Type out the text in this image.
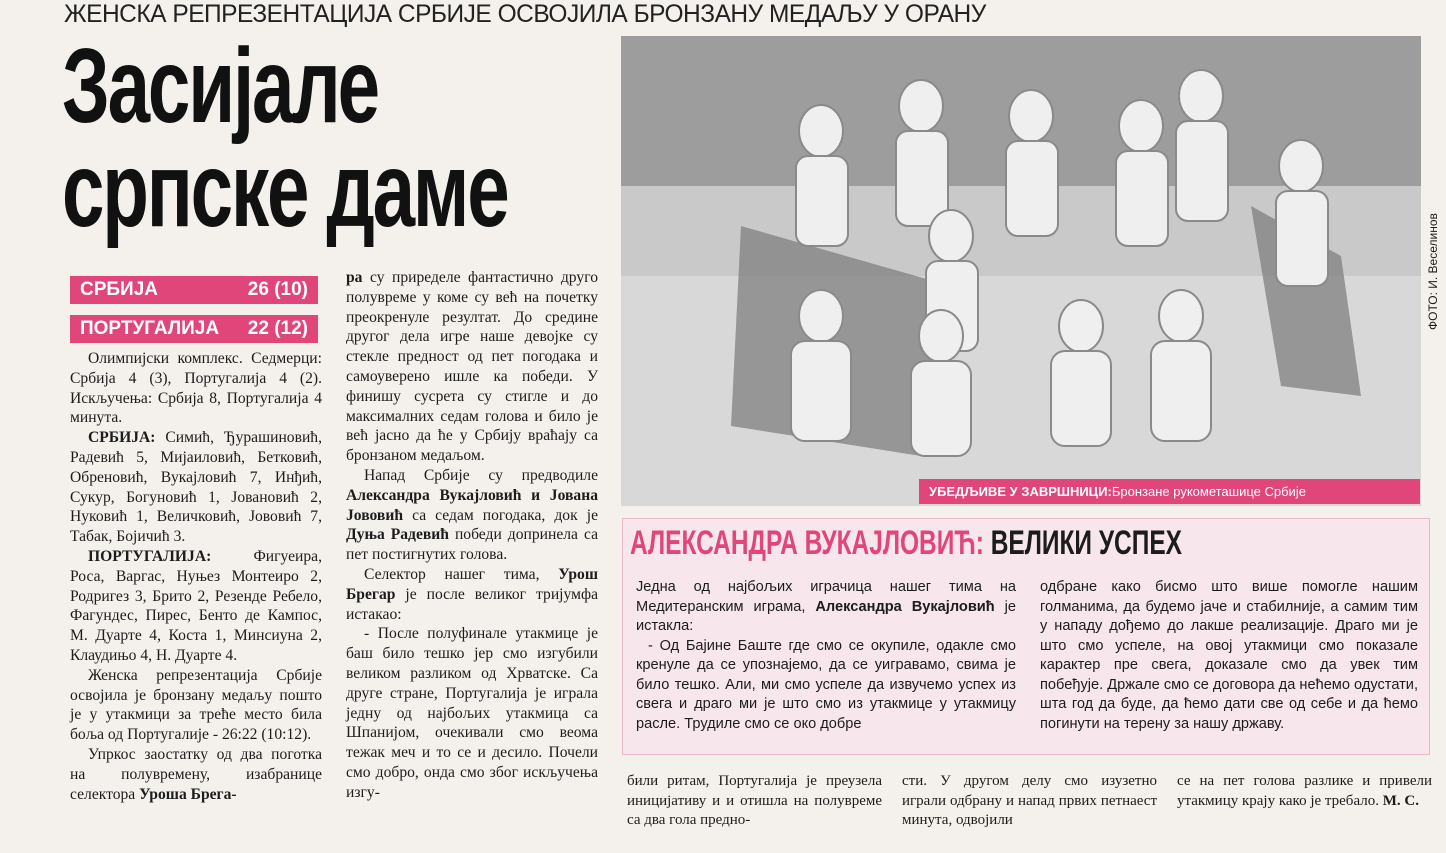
ЖЕНСКА РЕПРЕЗЕНТАЦИЈА СРБИЈЕ ОСВОЈИЛА БРОНЗАНУ МЕДАЉУ У ОРАНУ
Засијале
српске даме
СРБИЈА	26 (10)
ПОРТУГАЛИЈА 22 (12)

Олимпијски комплекс. Седмерци: Србија 4 (3), Португалија 4 (2). Искључења: Србија 8, Португалија 4 минута.

СРБИЈА: Симић, Ђурашиновић, Радевић 5, Мијаиловић, Бетковић, Обреновић, Вукајловић 7, Инђић, Сукур, Богуновић 1, Јовановић 2, Нуковић 1, Величковић, Јововић 7, Табак, Бојичић 3.

ПОРТУГАЛИЈА: Фигуеира, Роса, Варгас, Нуњез Монтеиро 2, Родригез 3, Брито 2, Резенде Ребело, Фагундес, Пирес, Бенто де Кампос, М. Дуарте 4, Коста 1, Минсиуна 2, Клаудињо 4, Н. Дуарте 4.

Женска репрезентација Србије освојила је бронзану медаљу пошто је у утакмици за треће место била боља од Португалије - 26:22 (10:12).

Упркос заостатку од два поготка на полувремену, изабранице селектора Уроша Брега-

ра су приределе фантастично друго полувреме у коме су већ на почетку преокренуле резултат. До средине другог дела игре наше девојке су стекле предност од пет погодака и самоуверено ишле ка победи. У финишу сусрета су стигле и до максималних седам голова и било је већ јасно да ће у Србију враћају са бронзаном медаљом.

Напад Србије су предводиле Александра Вукајловић и Јована Јововић са седам погодака, док је Дуња Радевић победи допринела са пет постигнутих голова.

Селектор нашег тима, Урош Брегар је после великог тријумфа истакао:

- После полуфинале утакмице је баш било тешко јер смо изгубили великом разликом од Хрватске. Са друге стране, Португалија је играла једну од најбољих утакмица са Шпанијом, очекивали смо веома тежак меч и то се и десило. Почели смо добро, онда смо због искључења изгу-

УБЕДЉИВЕ У ЗАВРШНИЦИ: Бронзане рукометашице Србије
ФОТО: И. Веселинов
АЛЕКСАНДРА ВУКАЈЛОВИЋ: ВЕЛИКИ УСПЕХ

Једна од најбољих играчица нашег тима на Медитеранским играма, Александра Вукајловић је истакла:

- Од Бајине Баште где смо се окупиле, одакле смо кренуле да се упознајемо, да се уигравамо, свима је било тешко. Али, ми смо успеле да извучемо успех из свега и драго ми је што смо из утакмице у утакмицу расле. Трудиле смо се око добре

одбране како бисмо што више помогле нашим голманима, да будемо јаче и стабилније, а самим тим у нападу дођемо до лакше реализације. Драго ми је што смо успеле, на овој утакмици смо показале карактер пре свега, доказале смо да увек тим побеђује. Држале смо се договора да нећемо одустати, шта год да буде, да ћемо дати све од себе и да ћемо погинути на терену за нашу државу.

били ритам, Португалија је преузела иницијативу и и отишла на полувреме са два гола предно-
сти. У другом делу смо изузетно играли одбрану и напад првих петнаест минута, одвојили
се на пет голова разлике и привели утакмицу крају како је требало. М. С.
